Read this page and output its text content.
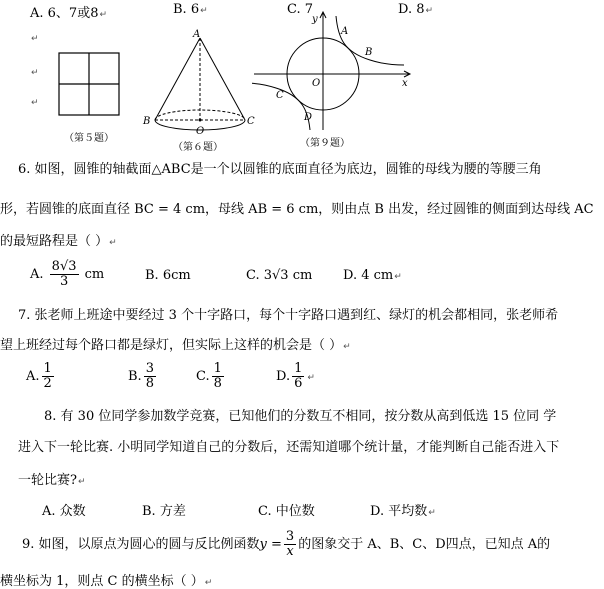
A. 6、7或8↵	B. 6↵	C. 7	D. 8↵
↵
↵
↵
（第５题）
A
B	C
O
（第６题）
y
x
A
B
C
D
O
（第９题）
6. 如图，圆锥的轴截面△ABC是一个以圆锥的底面直径为底边，圆锥的母线为腰的等腰三角
形，若圆锥的底面直径 BC = 4 cm，母线 AB = 6 cm，则由点 B 出发，经过圆锥的侧面到达母线 AC
的最短路程是（ ）↵
A. $\frac{8√3}{3}$ cm	B. 6cm	C. 3√3 cm D. 4 cm↵
7. 张老师上班途中要经过 3 个十字路口，每个十字路口遇到红、绿灯的机会都相同，张老师希
望上班经过每个路口都是绿灯，但实际上这样的机会是（ ）↵
A. $\frac{1}{2}$	B. $\frac{3}{8}$	C. $\frac{1}{8}$	D. $\frac{1}{6}$ ↵
8. 有 30 位同学参加数学竞赛，已知他们的分数互不相同，按分数从高到低选 15 位同 学
进入下一轮比赛. 小明同学知道自己的分数后，还需知道哪个统计量，才能判断自己能否进入下
一轮比赛?↵
A. 众数	B. 方差	C. 中位数	D. 平均数↵
9. 如图，以原点为圆心的圆与反比例函数$y = \frac{3}{x}$ 的图象交于 A、B、C、D四点，已知点 A的
横坐标为 1，则点 C 的横坐标（ ）↵
